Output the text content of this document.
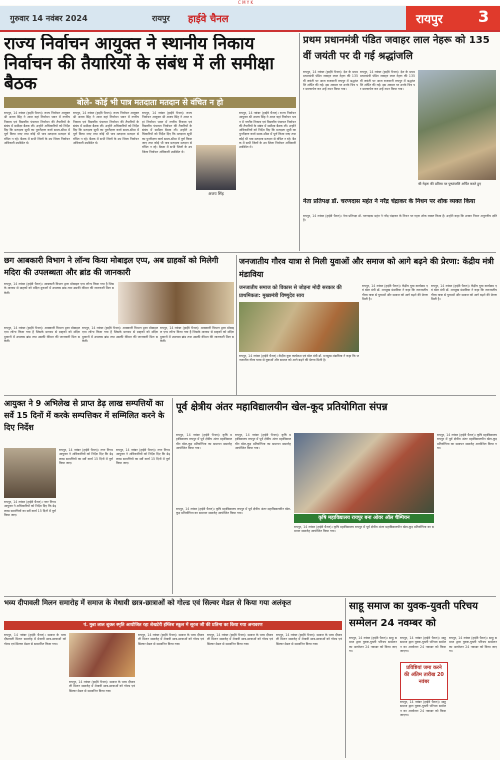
C M Y K
गुरुवार 14 नवंबर 2024	रायपुर हाईवे चैनल	रायपुर 3
राज्य निर्वाचन आयुक्त ने स्थानीय निकाय निर्वाचन की तैयारियों के संबंध में ली समीक्षा बैठक
बोले- कोई भी पात्र मतदाता मतदान से वंचित न हो
रायपुर, 14 नवंबर (हाईवे चैनल)। राज्य निर्वाचन आयुक्त श्री अजय सिंह ने आज यहां निर्वाचन भवन में नगरीय निकाय एवं त्रिस्तरीय पंचायत निर्वाचन की तैयारियों के संबंध में समीक्षा बैठक ली। उन्होंने अधिकारियों को निर्देश दिए कि मतदाता सूची का पुनरीक्षण कार्य समय-सीमा में पूर्ण किया जाए तथा कोई भी पात्र मतदाता मतदान से वंचित न रहे। बैठक में सभी जिलों के उप जिला निर्वाचन अधिकारी उपस्थित थे।
रायपुर, 14 नवंबर (हाईवे चैनल)। राज्य निर्वाचन आयुक्त श्री अजय सिंह ने आज यहां निर्वाचन भवन में नगरीय निकाय एवं त्रिस्तरीय पंचायत निर्वाचन की तैयारियों के संबंध में समीक्षा बैठक ली। उन्होंने अधिकारियों को निर्देश दिए कि मतदाता सूची का पुनरीक्षण कार्य समय-सीमा में पूर्ण किया जाए तथा कोई भी पात्र मतदाता मतदान से वंचित न रहे। बैठक में सभी जिलों के उप जिला निर्वाचन अधिकारी उपस्थित थे।
रायपुर, 14 नवंबर (हाईवे चैनल)। राज्य निर्वाचन आयुक्त श्री अजय सिंह ने आज यहां निर्वाचन भवन में नगरीय निकाय एवं त्रिस्तरीय पंचायत निर्वाचन की तैयारियों के संबंध में समीक्षा बैठक ली। उन्होंने अधिकारियों को निर्देश दिए कि मतदाता सूची का पुनरीक्षण कार्य समय-सीमा में पूर्ण किया जाए तथा कोई भी पात्र मतदाता मतदान से वंचित न रहे। बैठक में सभी जिलों के उप जिला निर्वाचन अधिकारी उपस्थित थे।
अजय सिंह
रायपुर, 14 नवंबर (हाईवे चैनल)। राज्य निर्वाचन आयुक्त श्री अजय सिंह ने आज यहां निर्वाचन भवन में नगरीय निकाय एवं त्रिस्तरीय पंचायत निर्वाचन की तैयारियों के संबंध में समीक्षा बैठक ली। उन्होंने अधिकारियों को निर्देश दिए कि मतदाता सूची का पुनरीक्षण कार्य समय-सीमा में पूर्ण किया जाए तथा कोई भी पात्र मतदाता मतदान से वंचित न रहे। बैठक में सभी जिलों के उप जिला निर्वाचन अधिकारी उपस्थित थे।
प्रथम प्रधानमंत्री पंडित जवाहर लाल नेहरू को 135 वीं जयंती पर दी गई श्रद्धांजलि
रायपुर, 14 नवंबर (हाईवे चैनल)। देश के प्रथम प्रधानमंत्री पंडित जवाहर लाल नेहरू की 135 वीं जयंती पर आज राजधानी रायपुर में श्रद्धांजलि अर्पित की गई। इस अवसर पर उनके चित्र पर माल्यार्पण कर उन्हें नमन किया गया।
रायपुर, 14 नवंबर (हाईवे चैनल)। देश के प्रथम प्रधानमंत्री पंडित जवाहर लाल नेहरू की 135 वीं जयंती पर आज राजधानी रायपुर में श्रद्धांजलि अर्पित की गई। इस अवसर पर उनके चित्र पर माल्यार्पण कर उन्हें नमन किया गया।
श्री नेहरू की प्रतिमा पर पुष्पांजलि अर्पित करते हुए
नेता प्रतिपक्ष डॉ. चरणदास महंत ने नरेंद्र चंद्राकर के निधन पर शोक व्यक्त किया
रायपुर, 14 नवंबर (हाईवे चैनल)। नेता प्रतिपक्ष डॉ. चरणदास महंत ने नरेंद्र चंद्राकर के निधन पर गहरा शोक व्यक्त किया है। उन्होंने कहा कि उनका निधन अपूरणीय क्षति है।
छग आबकारी विभाग ने लॉन्च किया मोबाइल एप्प, अब ग्राहकों को मिलेगी मदिरा की उपलब्धता और ब्रांड की जानकारी
रायपुर, 14 नवंबर (हाईवे चैनल)। आबकारी विभाग द्वारा मोबाइल एप्प लॉन्च किया गया है जिसके माध्यम से ग्राहकों को मदिरा दुकानों में उपलब्ध ब्रांड तथा उसकी कीमत की जानकारी मिल सकेगी।
रायपुर, 14 नवंबर (हाईवे चैनल)। आबकारी विभाग द्वारा मोबाइल एप्प लॉन्च किया गया है जिसके माध्यम से ग्राहकों को मदिरा दुकानों में उपलब्ध ब्रांड तथा उसकी कीमत की जानकारी मिल सकेगी।
रायपुर, 14 नवंबर (हाईवे चैनल)। आबकारी विभाग द्वारा मोबाइल एप्प लॉन्च किया गया है जिसके माध्यम से ग्राहकों को मदिरा दुकानों में उपलब्ध ब्रांड तथा उसकी कीमत की जानकारी मिल सकेगी।
रायपुर, 14 नवंबर (हाईवे चैनल)। आबकारी विभाग द्वारा मोबाइल एप्प लॉन्च किया गया है जिसके माध्यम से ग्राहकों को मदिरा दुकानों में उपलब्ध ब्रांड तथा उसकी कीमत की जानकारी मिल सकेगी।
जनजातीय गौरव यात्रा से मिली युवाओं और समाज को आगे बढ़ने की प्रेरणा: केंद्रीय मंत्री मंडाविया
जनजातीय समाज को विकास से जोड़ना मोदी सरकार की प्राथमिकता: मुख्यमंत्री विष्णुदेव साय
रायपुर, 14 नवंबर (हाईवे चैनल)। केंद्रीय युवा कार्यक्रम एवं खेल मंत्री डॉ. मनसुख मंडाविया ने कहा कि जनजातीय गौरव यात्रा से युवाओं और समाज को आगे बढ़ने की प्रेरणा मिली है।
रायपुर, 14 नवंबर (हाईवे चैनल)। केंद्रीय युवा कार्यक्रम एवं खेल मंत्री डॉ. मनसुख मंडाविया ने कहा कि जनजातीय गौरव यात्रा से युवाओं और समाज को आगे बढ़ने की प्रेरणा मिली है।
रायपुर, 14 नवंबर (हाईवे चैनल)। केंद्रीय युवा कार्यक्रम एवं खेल मंत्री डॉ. मनसुख मंडाविया ने कहा कि जनजातीय गौरव यात्रा से युवाओं और समाज को आगे बढ़ने की प्रेरणा मिली है।
आयुक्त ने 9 अभिलेख से प्राप्त डेढ़ लाख सम्पत्तियों का सर्वे 15 दिनों में करके सम्पत्तिकर में सम्मिलित करने के दिए निर्देश
रायपुर, 14 नवंबर (हाईवे चैनल)। नगर निगम आयुक्त ने अधिकारियों को निर्देश दिए कि डेढ़ लाख सम्पत्तियों का सर्वे कार्य 15 दिनों में पूर्ण किया जाए।
रायपुर, 14 नवंबर (हाईवे चैनल)। नगर निगम आयुक्त ने अधिकारियों को निर्देश दिए कि डेढ़ लाख सम्पत्तियों का सर्वे कार्य 15 दिनों में पूर्ण किया जाए।
रायपुर, 14 नवंबर (हाईवे चैनल)। नगर निगम आयुक्त ने अधिकारियों को निर्देश दिए कि डेढ़ लाख सम्पत्तियों का सर्वे कार्य 15 दिनों में पूर्ण किया जाए।
पूर्व क्षेत्रीय अंतर महाविद्यालयीन खेल-कूद प्रतियोगिता संपन्न
रायपुर, 14 नवंबर (हाईवे चैनल)। कृषि महाविद्यालय रायपुर में पूर्व क्षेत्रीय अंतर महाविद्यालयीन खेल-कूद प्रतियोगिता का समापन समारोह आयोजित किया गया।
रायपुर, 14 नवंबर (हाईवे चैनल)। कृषि महाविद्यालय रायपुर में पूर्व क्षेत्रीय अंतर महाविद्यालयीन खेल-कूद प्रतियोगिता का समापन समारोह आयोजित किया गया।
रायपुर, 14 नवंबर (हाईवे चैनल)। कृषि महाविद्यालय रायपुर में पूर्व क्षेत्रीय अंतर महाविद्यालयीन खेल-कूद प्रतियोगिता का समापन समारोह आयोजित किया गया।
कृषि महाविद्यालय रायपुर बना ओवर ऑल चैम्पियन
रायपुर, 14 नवंबर (हाईवे चैनल)। कृषि महाविद्यालय रायपुर में पूर्व क्षेत्रीय अंतर महाविद्यालयीन खेल-कूद प्रतियोगिता का समापन समारोह आयोजित किया गया।
रायपुर, 14 नवंबर (हाईवे चैनल)। कृषि महाविद्यालय रायपुर में पूर्व क्षेत्रीय अंतर महाविद्यालयीन खेल-कूद प्रतियोगिता का समापन समारोह आयोजित किया गया।
भव्य दीपावली मिलन समारोह में समाज के मेधावी छात्र-छात्राओं को गोल्ड एवं सिल्वर मेडल से किया गया अलंकृत
पं. मुन्ना लाल शुक्ल स्मृति आयोजित रहा शेखटेरी इंग्लिश स्कूल में सूरज जी की प्रतिमा का किया गया अनावरण
रायपुर, 14 नवंबर (हाईवे चैनल)। समाज के भव्य दीपावली मिलन समारोह में मेधावी छात्र-छात्राओं को गोल्ड एवं सिल्वर मेडल से सम्मानित किया गया।
रायपुर, 14 नवंबर (हाईवे चैनल)। समाज के भव्य दीपावली मिलन समारोह में मेधावी छात्र-छात्राओं को गोल्ड एवं सिल्वर मेडल से सम्मानित किया गया।
रायपुर, 14 नवंबर (हाईवे चैनल)। समाज के भव्य दीपावली मिलन समारोह में मेधावी छात्र-छात्राओं को गोल्ड एवं सिल्वर मेडल से सम्मानित किया गया।
रायपुर, 14 नवंबर (हाईवे चैनल)। समाज के भव्य दीपावली मिलन समारोह में मेधावी छात्र-छात्राओं को गोल्ड एवं सिल्वर मेडल से सम्मानित किया गया।
रायपुर, 14 नवंबर (हाईवे चैनल)। समाज के भव्य दीपावली मिलन समारोह में मेधावी छात्र-छात्राओं को गोल्ड एवं सिल्वर मेडल से सम्मानित किया गया।
साहू समाज का युवक-युवती परिचय सम्मेलन 24 नवम्बर को
रायपुर, 14 नवंबर (हाईवे चैनल)। साहू समाज द्वारा युवक-युवती परिचय सम्मेलन का आयोजन 24 नवम्बर को किया जाएगा।
प्रविष्टियां जमा करने की अंतिम तारीख 20 नवंबर
रायपुर, 14 नवंबर (हाईवे चैनल)। साहू समाज द्वारा युवक-युवती परिचय सम्मेलन का आयोजन 24 नवम्बर को किया जाएगा।
रायपुर, 14 नवंबर (हाईवे चैनल)। साहू समाज द्वारा युवक-युवती परिचय सम्मेलन का आयोजन 24 नवम्बर को किया जाएगा।
रायपुर, 14 नवंबर (हाईवे चैनल)। साहू समाज द्वारा युवक-युवती परिचय सम्मेलन का आयोजन 24 नवम्बर को किया जाएगा।
